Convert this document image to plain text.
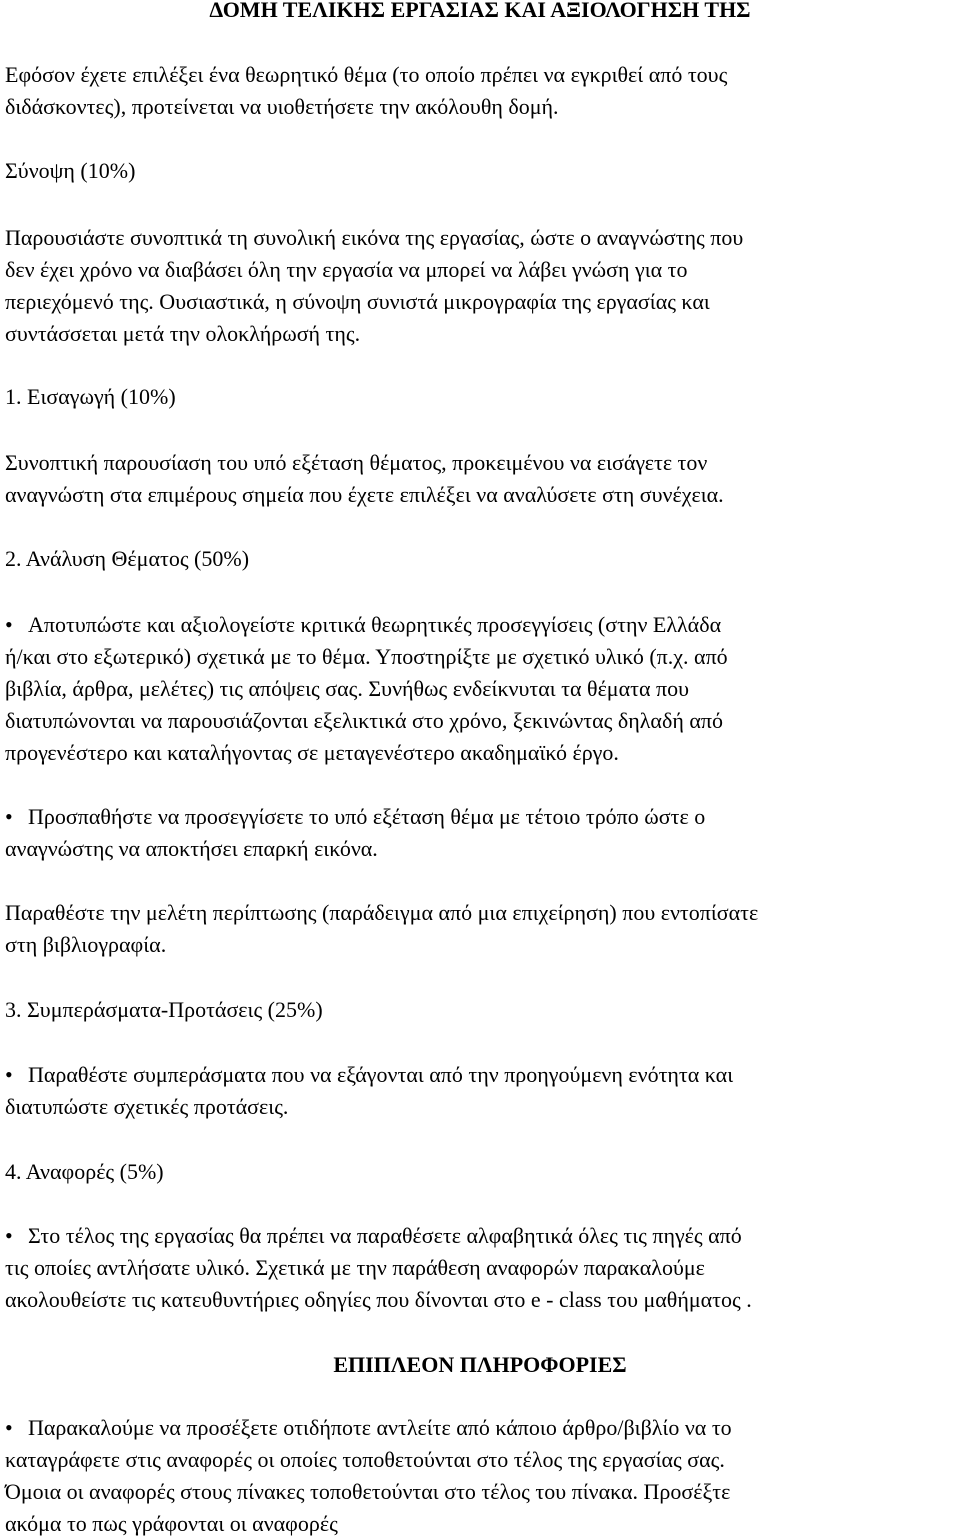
ΔΟΜΗ ΤΕΛΙΚΗΣ ΕΡΓΑΣΙΑΣ ΚΑΙ ΑΞΙΟΛΟΓΗΣΗ ΤΗΣ
Εφόσον έχετε επιλέξει ένα θεωρητικό θέμα (το οποίο πρέπει να εγκριθεί από τους
διδάσκοντες), προτείνεται να υιοθετήσετε την ακόλουθη δομή.
Σύνοψη (10%)
Παρουσιάστε συνοπτικά τη συνολική εικόνα της εργασίας, ώστε ο αναγνώστης που
δεν έχει χρόνο να διαβάσει όλη την εργασία να μπορεί να λάβει γνώση για το
περιεχόμενό της. Ουσιαστικά, η σύνοψη συνιστά μικρογραφία της εργασίας και
συντάσσεται μετά την ολοκλήρωσή της.
1. Εισαγωγή (10%)
Συνοπτική παρουσίαση του υπό εξέταση θέματος, προκειμένου να εισάγετε τον
αναγνώστη στα επιμέρους σημεία που έχετε επιλέξει να αναλύσετε στη συνέχεια.
2. Ανάλυση Θέματος (50%)
• Αποτυπώστε και αξιολογείστε κριτικά θεωρητικές προσεγγίσεις (στην Ελλάδα
ή/και στο εξωτερικό) σχετικά με το θέμα. Υποστηρίξτε με σχετικό υλικό (π.χ. από
βιβλία, άρθρα, μελέτες) τις απόψεις σας. Συνήθως ενδείκνυται τα θέματα που
διατυπώνονται να παρουσιάζονται εξελικτικά στο χρόνο, ξεκινώντας δηλαδή από
προγενέστερο και καταλήγοντας σε μεταγενέστερο ακαδημαϊκό έργο.
• Προσπαθήστε να προσεγγίσετε το υπό εξέταση θέμα με τέτοιο τρόπο ώστε ο
αναγνώστης να αποκτήσει επαρκή εικόνα.
Παραθέστε την μελέτη περίπτωσης (παράδειγμα από μια επιχείρηση) που εντοπίσατε
στη βιβλιογραφία.
3. Συμπεράσματα-Προτάσεις (25%)
• Παραθέστε συμπεράσματα που να εξάγονται από την προηγούμενη ενότητα και
διατυπώστε σχετικές προτάσεις.
4. Αναφορές (5%)
• Στο τέλος της εργασίας θα πρέπει να παραθέσετε αλφαβητικά όλες τις πηγές από
τις οποίες αντλήσατε υλικό. Σχετικά με την παράθεση αναφορών παρακαλούμε
ακολουθείστε τις κατευθυντήριες οδηγίες που δίνονται στο e - class του μαθήματος .
ΕΠΙΠΛΕΟΝ ΠΛΗΡΟΦΟΡΙΕΣ
• Παρακαλούμε να προσέξετε οτιδήποτε αντλείτε από κάποιο άρθρο/βιβλίο να το
καταγράφετε στις αναφορές οι οποίες τοποθετούνται στο τέλος της εργασίας σας.
Όμοια οι αναφορές στους πίνακες τοποθετούνται στο τέλος του πίνακα. Προσέξτε
ακόμα το πως γράφονται οι αναφορές
